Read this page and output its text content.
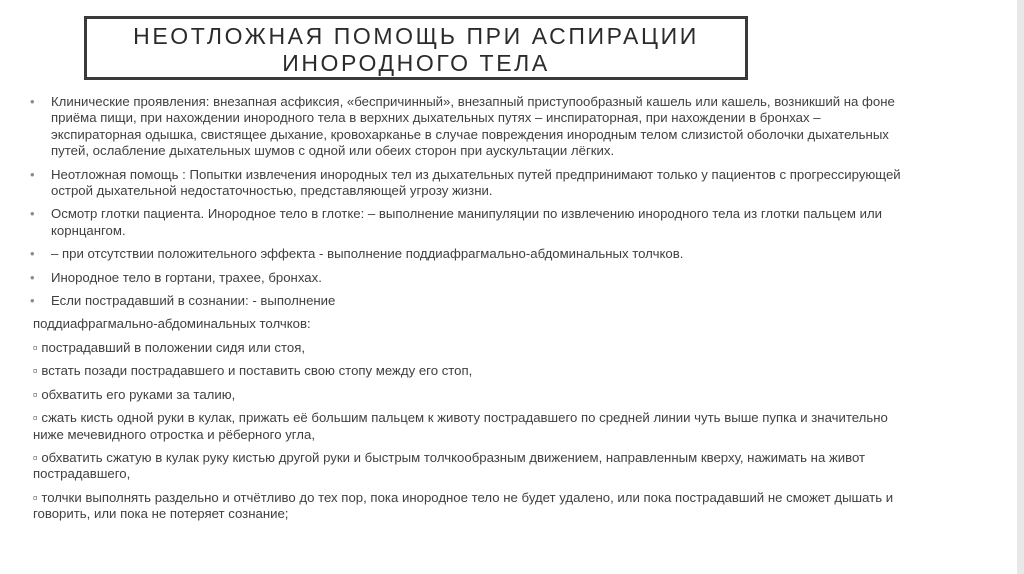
НЕОТЛОЖНАЯ ПОМОЩЬ ПРИ АСПИРАЦИИ
ИНОРОДНОГО ТЕЛА
• Клинические проявления: внезапная асфиксия, «беспричинный», внезапный приступообразный кашель или кашель, возникший на фоне приёма пищи, при нахождении инородного тела в верхних дыхательных путях – инспираторная, при нахождении в бронхах – экспираторная одышка, свистящее дыхание, кровохарканье в случае повреждения инородным телом слизистой оболочки дыхательных путей, ослабление дыхательных шумов с одной или обеих сторон при аускультации лёгких.
• Неотложная помощь : Попытки извлечения инородных тел из дыхательных путей предпринимают только у пациентов с прогрессирующей острой дыхательной недостаточностью, представляющей угрозу жизни.
• Осмотр глотки пациента. Инородное тело в глотке: – выполнение манипуляции по извлечению инородного тела из глотки пальцем или корнцангом.
• – при отсутствии положительного эффекта - выполнение поддиафрагмально-абдоминальных толчков.
• Инородное тело в гортани, трахее, бронхах.
• Если пострадавший в сознании: - выполнение
поддиафрагмально-абдоминальных толчков:
▫ пострадавший в положении сидя или стоя,
▫ встать позади пострадавшего и поставить свою стопу между его стоп,
▫ обхватить его руками за талию,
▫ сжать кисть одной руки в кулак, прижать её большим пальцем к животу пострадавшего по средней линии чуть выше пупка и значительно ниже мечевидного отростка и рёберного угла,
▫ обхватить сжатую в кулак руку кистью другой руки и быстрым толчкообразным движением, направленным кверху, нажимать на живот пострадавшего,
▫ толчки выполнять раздельно и отчётливо до тех пор, пока инородное тело не будет удалено, или пока пострадавший не сможет дышать и говорить, или пока не потеряет сознание;
